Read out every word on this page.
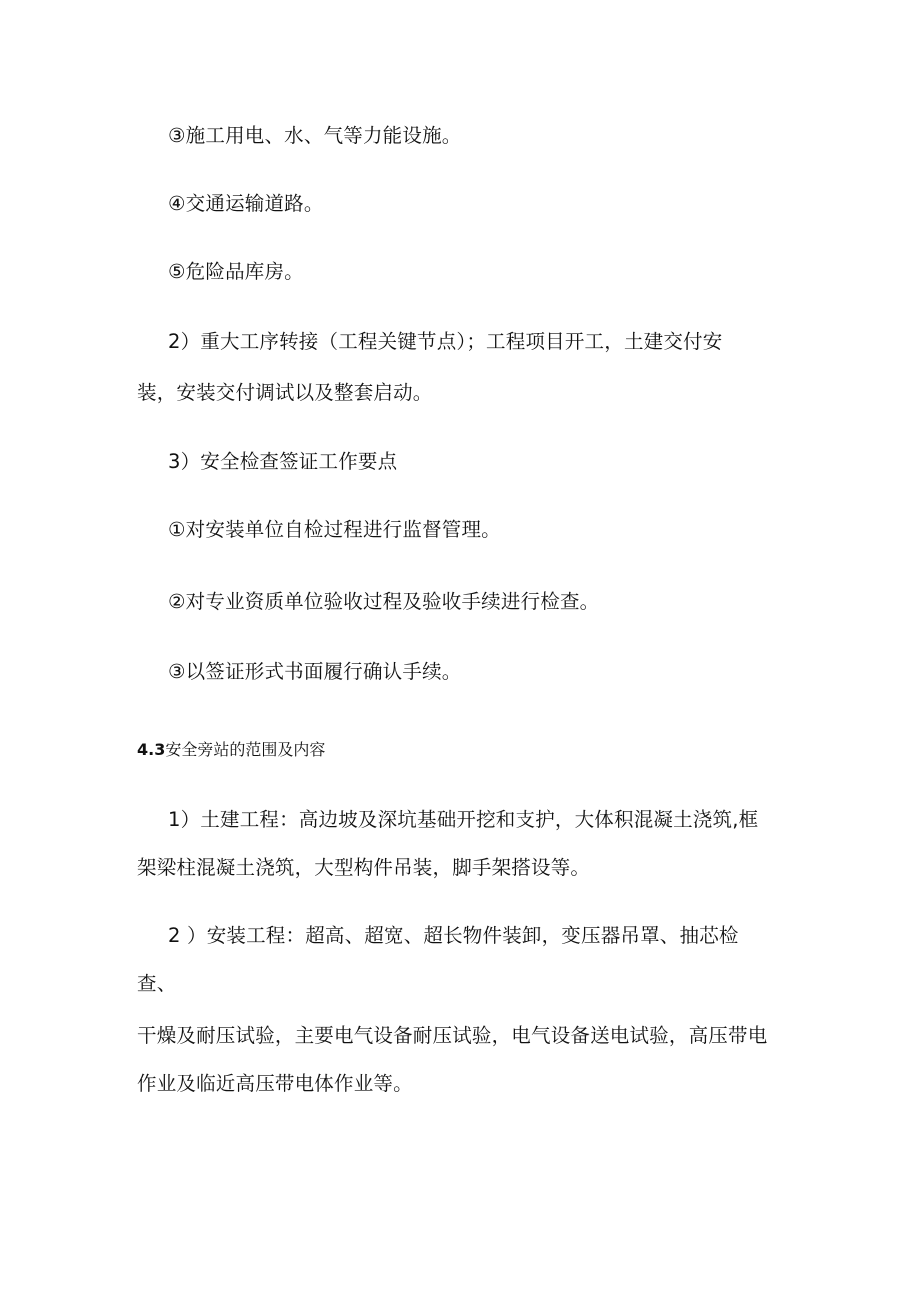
③施工用电、水、气等力能设施。

④交通运输道路。

⑤危险品库房。

2）重大工序转接（工程关键节点）；工程项目开工，土建交付安

装，安装交付调试以及整套启动。

3）安全检查签证工作要点

①对安装单位自检过程进行监督管理。

②对专业资质单位验收过程及验收手续进行检查。

③以签证形式书面履行确认手续。

4.3安全旁站的范围及内容

1）土建工程：高边坡及深坑基础开挖和支护，大体积混凝土浇筑,框

架梁柱混凝土浇筑，大型构件吊装，脚手架搭设等。

2 ）安装工程：超高、超宽、超长物件装卸，变压器吊罩、抽芯检

查、

干燥及耐压试验，主要电气设备耐压试验，电气设备送电试验，高压带电

作业及临近高压带电体作业等。
